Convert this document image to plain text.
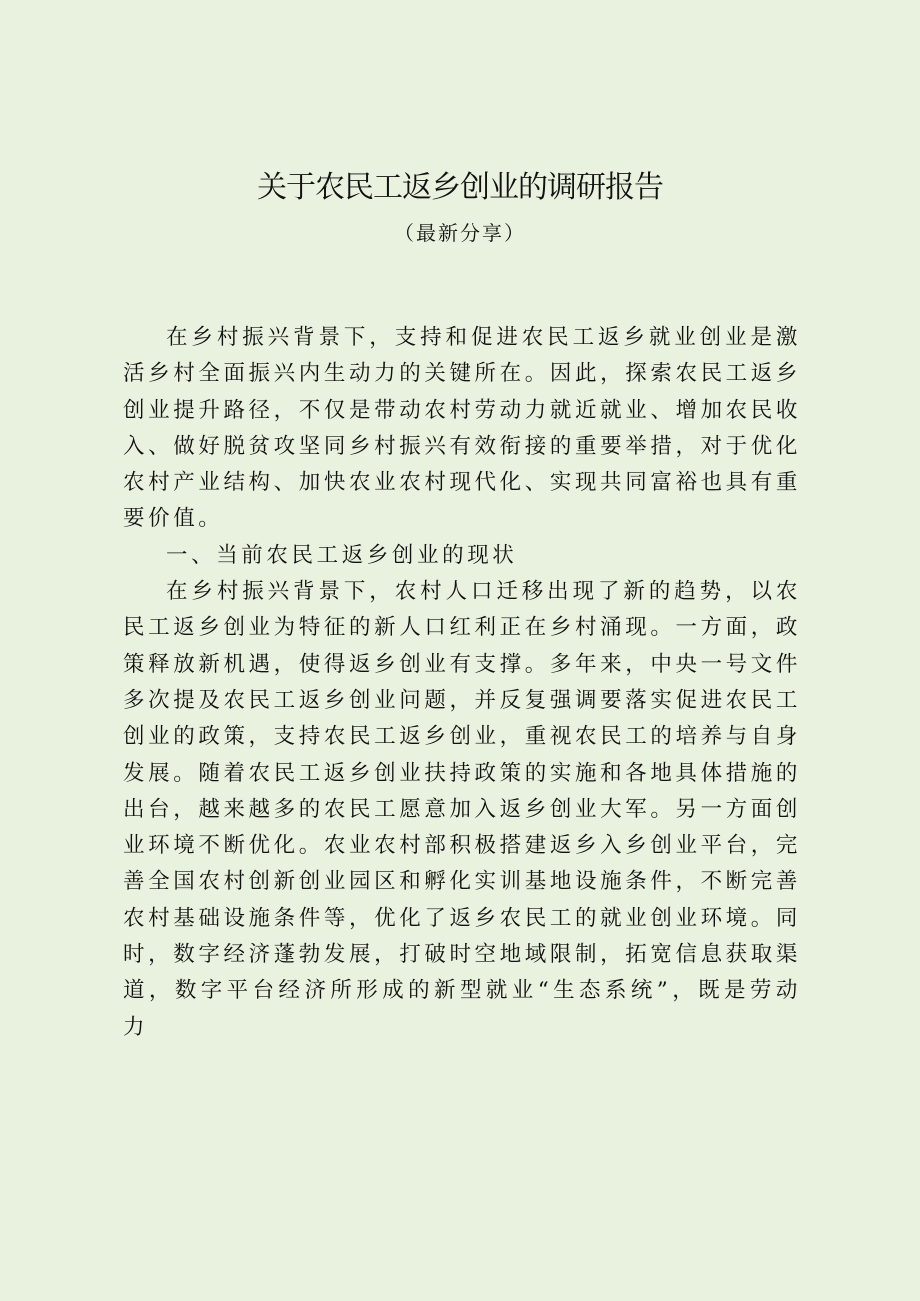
关于农民工返乡创业的调研报告
（最新分享）

在乡村振兴背景下，支持和促进农民工返乡就业创业是激活乡村全面振兴内生动力的关键所在。因此，探索农民工返乡创业提升路径，不仅是带动农村劳动力就近就业、增加农民收入、做好脱贫攻坚同乡村振兴有效衔接的重要举措，对于优化农村产业结构、加快农业农村现代化、实现共同富裕也具有重要价值。

一、当前农民工返乡创业的现状

在乡村振兴背景下，农村人口迁移出现了新的趋势，以农民工返乡创业为特征的新人口红利正在乡村涌现。一方面，政策释放新机遇，使得返乡创业有支撑。多年来，中央一号文件多次提及农民工返乡创业问题，并反复强调要落实促进农民工创业的政策，支持农民工返乡创业，重视农民工的培养与自身发展。随着农民工返乡创业扶持政策的实施和各地具体措施的出台，越来越多的农民工愿意加入返乡创业大军。另一方面创业环境不断优化。农业农村部积极搭建返乡入乡创业平台，完善全国农村创新创业园区和孵化实训基地设施条件，不断完善农村基础设施条件等，优化了返乡农民工的就业创业环境。同时，数字经济蓬勃发展，打破时空地域限制，拓宽信息获取渠道，数字平台经济所形成的新型就业“生态系统”，既是劳动力
